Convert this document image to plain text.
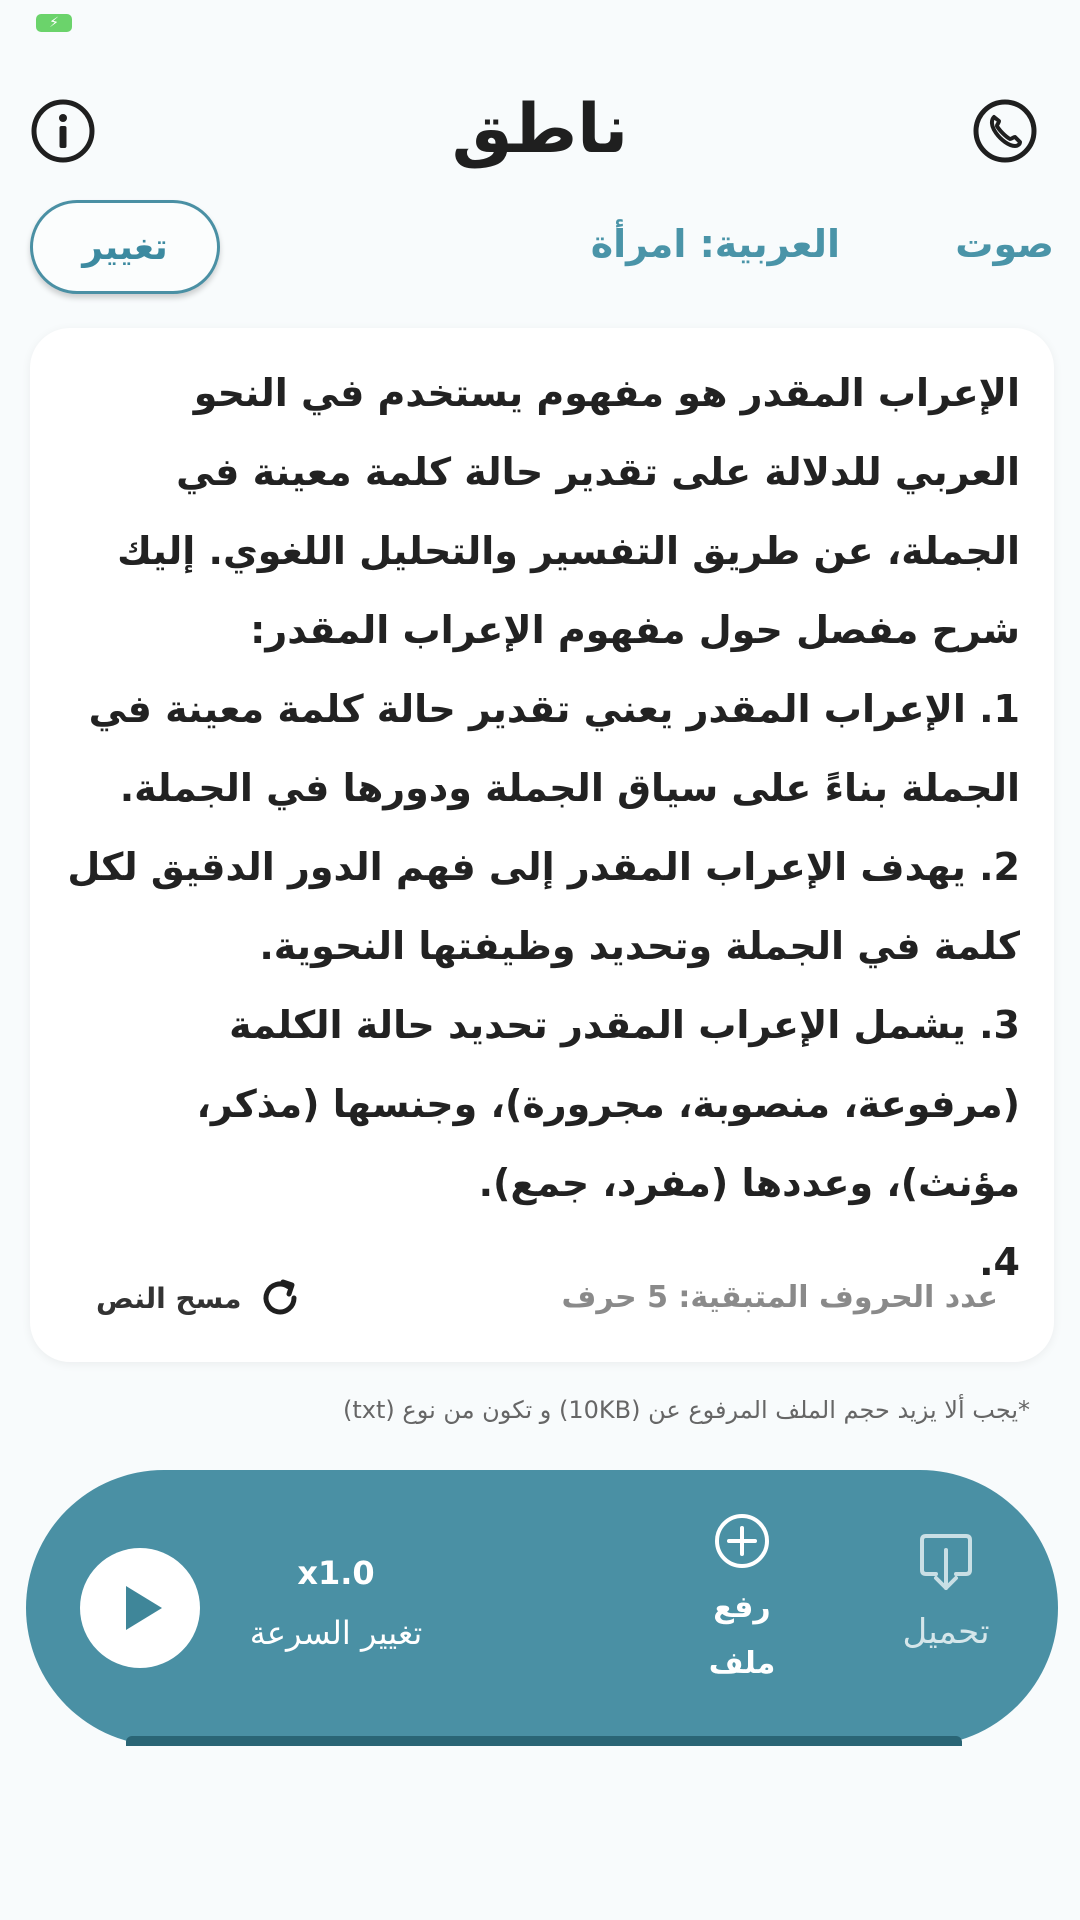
⚡
ناطق
تغيير	العربية: امرأة	صوت

الإعراب المقدر هو مفهوم يستخدم في النحو العربي للدلالة على تقدير حالة كلمة معينة في الجملة، عن طريق التفسير والتحليل اللغوي. إليك شرح مفصل حول مفهوم الإعراب المقدر:

1. الإعراب المقدر يعني تقدير حالة كلمة معينة في الجملة بناءً على سياق الجملة ودورها في الجملة.

2. يهدف الإعراب المقدر إلى فهم الدور الدقيق لكل كلمة في الجملة وتحديد وظيفتها النحوية.

3. يشمل الإعراب المقدر تحديد حالة الكلمة (مرفوعة، منصوبة، مجرورة)، وجنسها (مذكر، مؤنث)، وعددها (مفرد، جمع).

4.

عدد الحروف المتبقية: 5 حرف
مسح النص
*يجب ألا يزيد حجم الملف المرفوع عن (10KB) و تكون من نوع (txt)
x1.0
تغيير السرعة
رفع
ملف
تحميل
